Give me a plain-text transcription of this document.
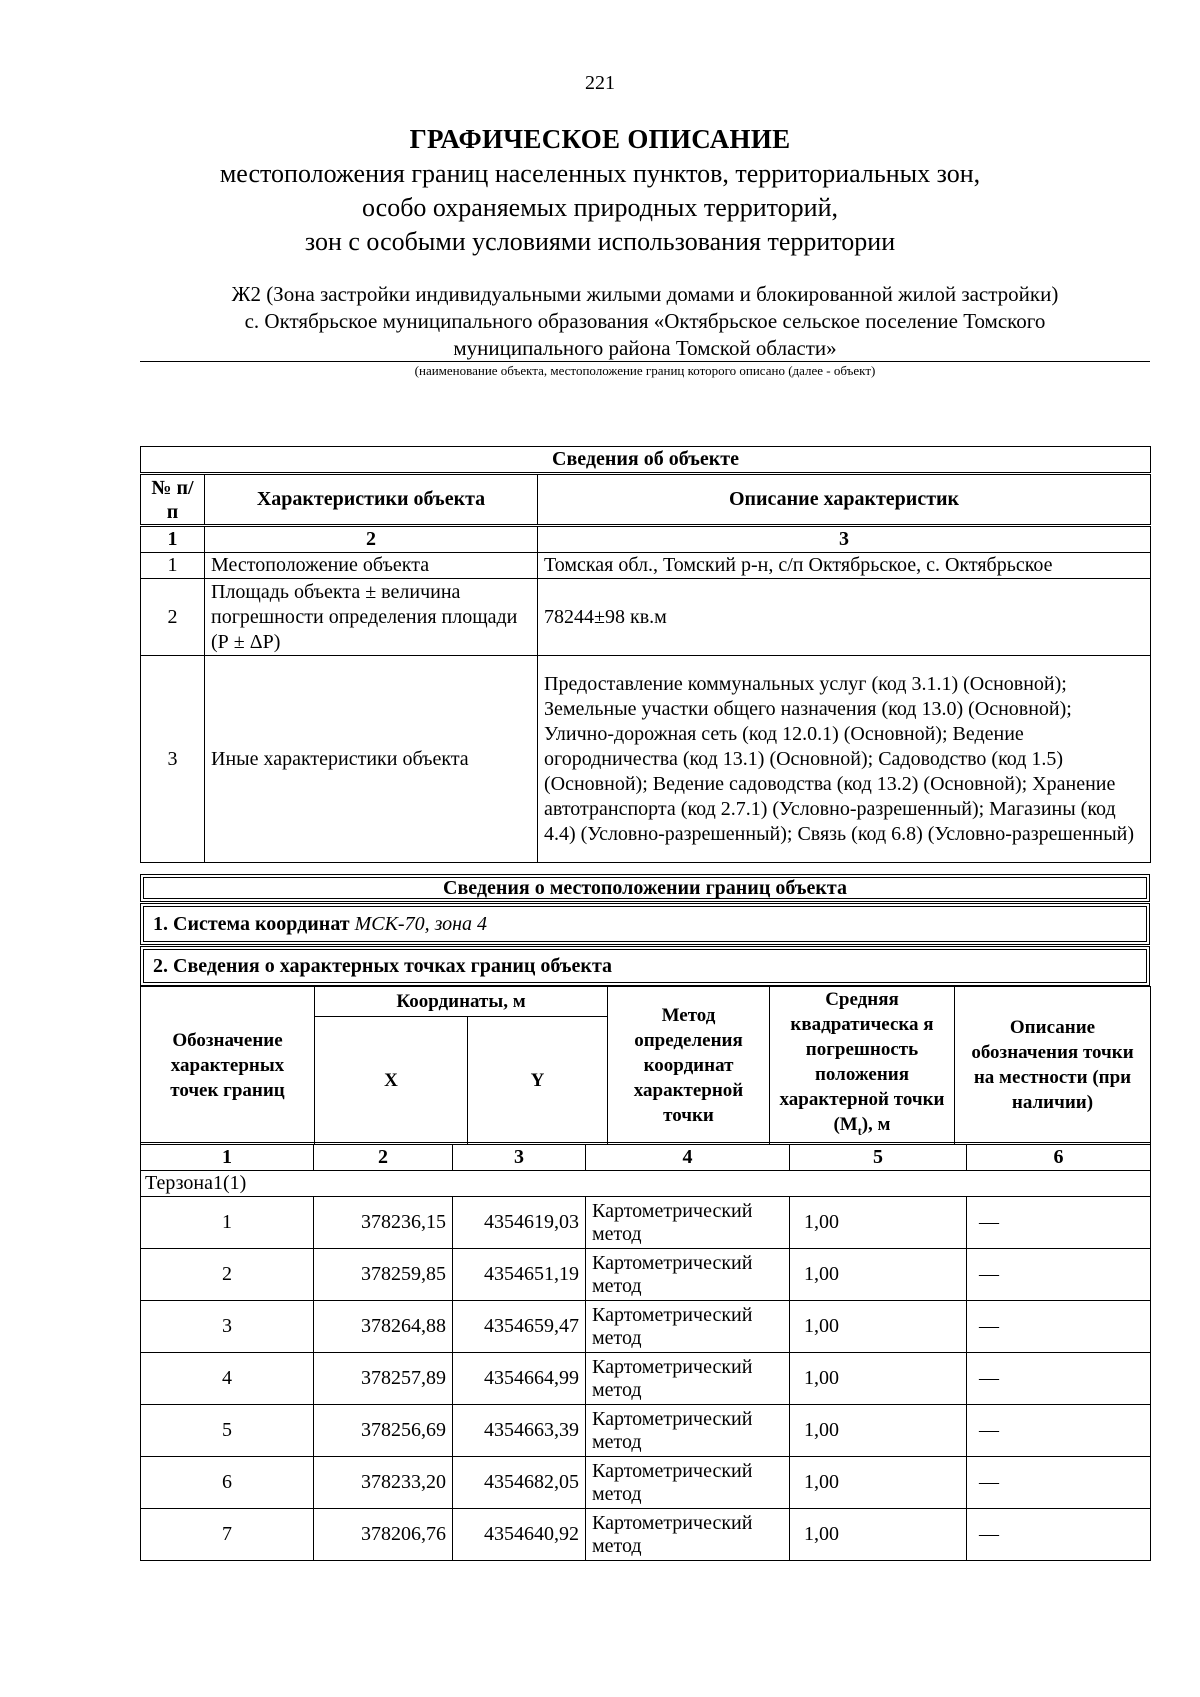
221
ГРАФИЧЕСКОЕ ОПИСАНИЕ
местоположения границ населенных пунктов, территориальных зон,
особо охраняемых природных территорий,
зон с особыми условиями использования территории
Ж2 (Зона застройки индивидуальными жилыми домами и блокированной жилой застройки)
с. Октябрьское муниципального образования «Октябрьское сельское поселение Томского
муниципального района Томской области»
(наименование объекта, местоположение границ которого описано (далее - объект)
Сведения об объекте		
№ п/п	Характеристики объекта	Описание характеристик
1	2	3
1	Местоположение объекта	Томская обл., Томский р-н, с/п Октябрьское, с. Октябрьское
2	Площадь объекта ± величина погрешности определения площади (Р ± ΔР)	78244±98 кв.м
3	Иные характеристики объекта	Предоставление коммунальных услуг (код 3.1.1) (Основной); Земельные участки общего назначения (код 13.0) (Основной); Улично-дорожная сеть (код 12.0.1) (Основной); Ведение огородничества (код 13.1) (Основной); Садоводство (код 1.5) (Основной); Ведение садоводства (код 13.2) (Основной); Хранение автотранспорта (код 2.7.1) (Условно-разрешенный); Магазины (код 4.4) (Условно-разрешенный); Связь (код 6.8) (Условно-разрешенный)
Сведения о местоположении границ объекта
1. Система координат МСК-70, зона 4
2. Сведения о характерных точках границ объекта
Обозначение характерных точек границ	Координаты, м		Метод определения координат характерной точки	Средняя квадратическа я погрешность положения характерной точки $(М_t)$, м	Описание обозначения точки на местности (при наличии)
	X	Y			
1	2	3	4	5	6
Терзона1(1)					
1	378236,15	4354619,03	Картометрический метод	1,00	—
2	378259,85	4354651,19	Картометрический метод	1,00	—
3	378264,88	4354659,47	Картометрический метод	1,00	—
4	378257,89	4354664,99	Картометрический метод	1,00	—
5	378256,69	4354663,39	Картометрический метод	1,00	—
6	378233,20	4354682,05	Картометрический метод	1,00	—
7	378206,76	4354640,92	Картометрический метод	1,00	—
